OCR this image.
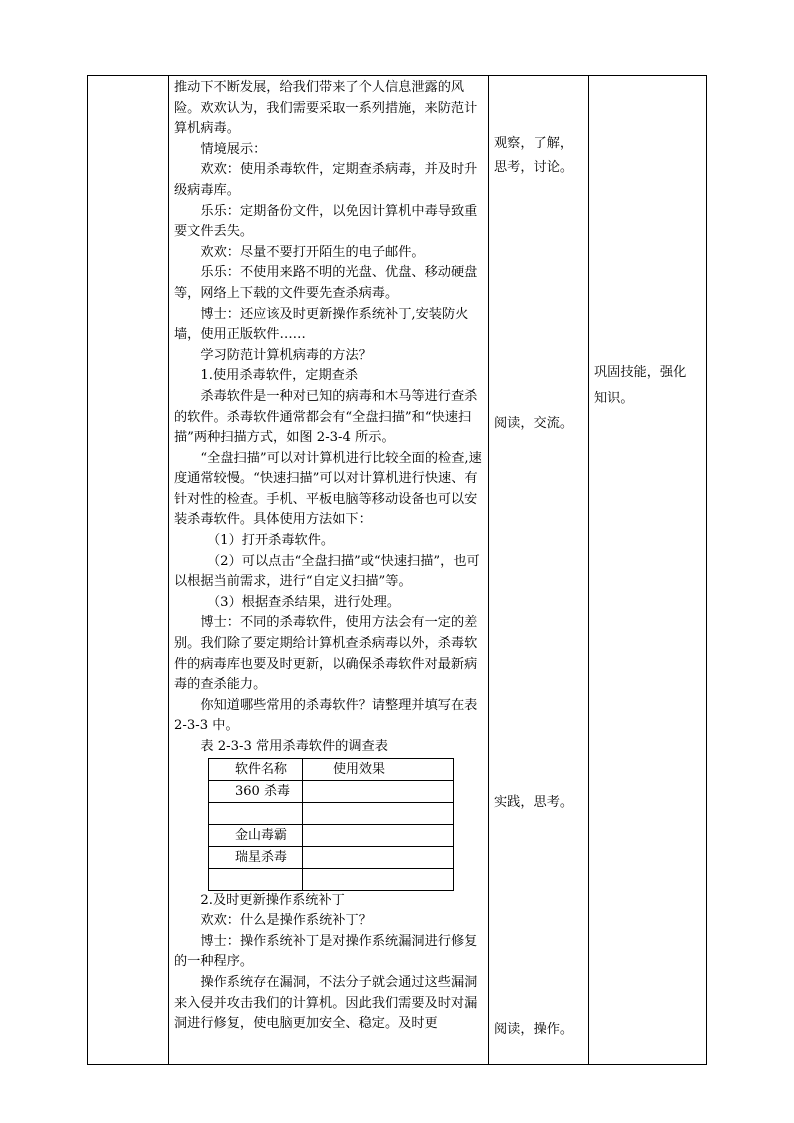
推动下不断发展，给我们带来了个人信息泄露的风险。欢欢认为，我们需要采取一系列措施，来防范计算机病毒。

情境展示：

欢欢：使用杀毒软件，定期查杀病毒，并及时升级病毒库。

乐乐：定期备份文件，以免因计算机中毒导致重要文件丢失。

欢欢：尽量不要打开陌生的电子邮件。

乐乐：不使用来路不明的光盘、优盘、移动硬盘等，网络上下载的文件要先查杀病毒。

博士：还应该及时更新操作系统补丁,安装防火墙，使用正版软件……

学习防范计算机病毒的方法？

1.使用杀毒软件，定期查杀

杀毒软件是一种对已知的病毒和木马等进行查杀的软件。杀毒软件通常都会有“全盘扫描”和“快速扫描”两种扫描方式，如图 2-3-4 所示。

“全盘扫描”可以对计算机进行比较全面的检查,速度通常较慢。“快速扫描”可以对计算机进行快速、有针对性的检查。手机、平板电脑等移动设备也可以安装杀毒软件。具体使用方法如下：

（1）打开杀毒软件。

（2）可以点击“全盘扫描”或“快速扫描”，也可以根据当前需求，进行“自定义扫描”等。

（3）根据查杀结果，进行处理。

博士：不同的杀毒软件，使用方法会有一定的差别。我们除了要定期给计算机查杀病毒以外，杀毒软件的病毒库也要及时更新，以确保杀毒软件对最新病毒的查杀能力。

你知道哪些常用的杀毒软件？请整理并填写在表 2-3-3 中。

表 2-3-3 常用杀毒软件的调查表

软件名称	使用效果
360 杀毒	

金山毒霸	
瑞星杀毒	

2.及时更新操作系统补丁

欢欢：什么是操作系统补丁？

博士：操作系统补丁是对操作系统漏洞进行修复的一种程序。

操作系统存在漏洞，不法分子就会通过这些漏洞来入侵并攻击我们的计算机。因此我们需要及时对漏洞进行修复，使电脑更加安全、稳定。及时更

观察，了解，思考，讨论。
阅读，交流。
实践，思考。
阅读，操作。
巩固技能，强化知识。
